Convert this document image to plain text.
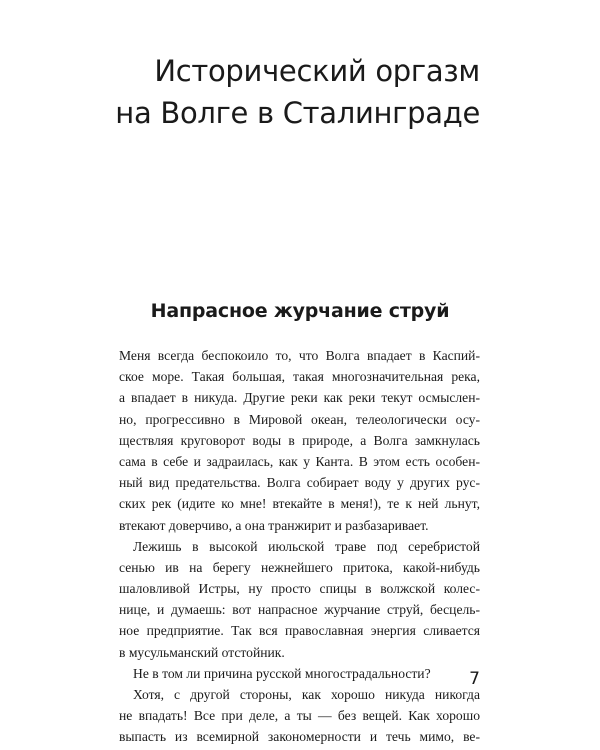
Исторический оргазм
на Волге в Сталинграде
Напрасное журчание струй
Меня всегда беспокоило то, что Волга впадает в Каспий-
ское море. Такая большая, такая многозначительная река,
а впадает в никуда. Другие реки как реки текут осмыслен-
но, прогрессивно в Мировой океан, телеологически осу-
ществляя круговорот воды в природе, а Волга замкнулась
сама в себе и задраилась, как у Канта. В этом есть особен-
ный вид предательства. Волга собирает воду у других рус-
ских рек (идите ко мне! втекайте в меня!), те к ней льнут,
втекают доверчиво, а она транжирит и разбазаривает.
Лежишь в высокой июльской траве под серебристой
сенью ив на берегу нежнейшего притока, какой-нибудь
шаловливой Истры, ну просто спицы в волжской колес-
нице, и думаешь: вот напрасное журчание струй, бесцель-
ное предприятие. Так вся православная энергия сливается
в мусульманский отстойник.
Не в том ли причина русской многострадальности?
Хотя, с другой стороны, как хорошо никуда никогда
не впадать! Все при деле, а ты — без вещей. Как хорошо
выпасть из всемирной закономерности и течь мимо, ве-
7
